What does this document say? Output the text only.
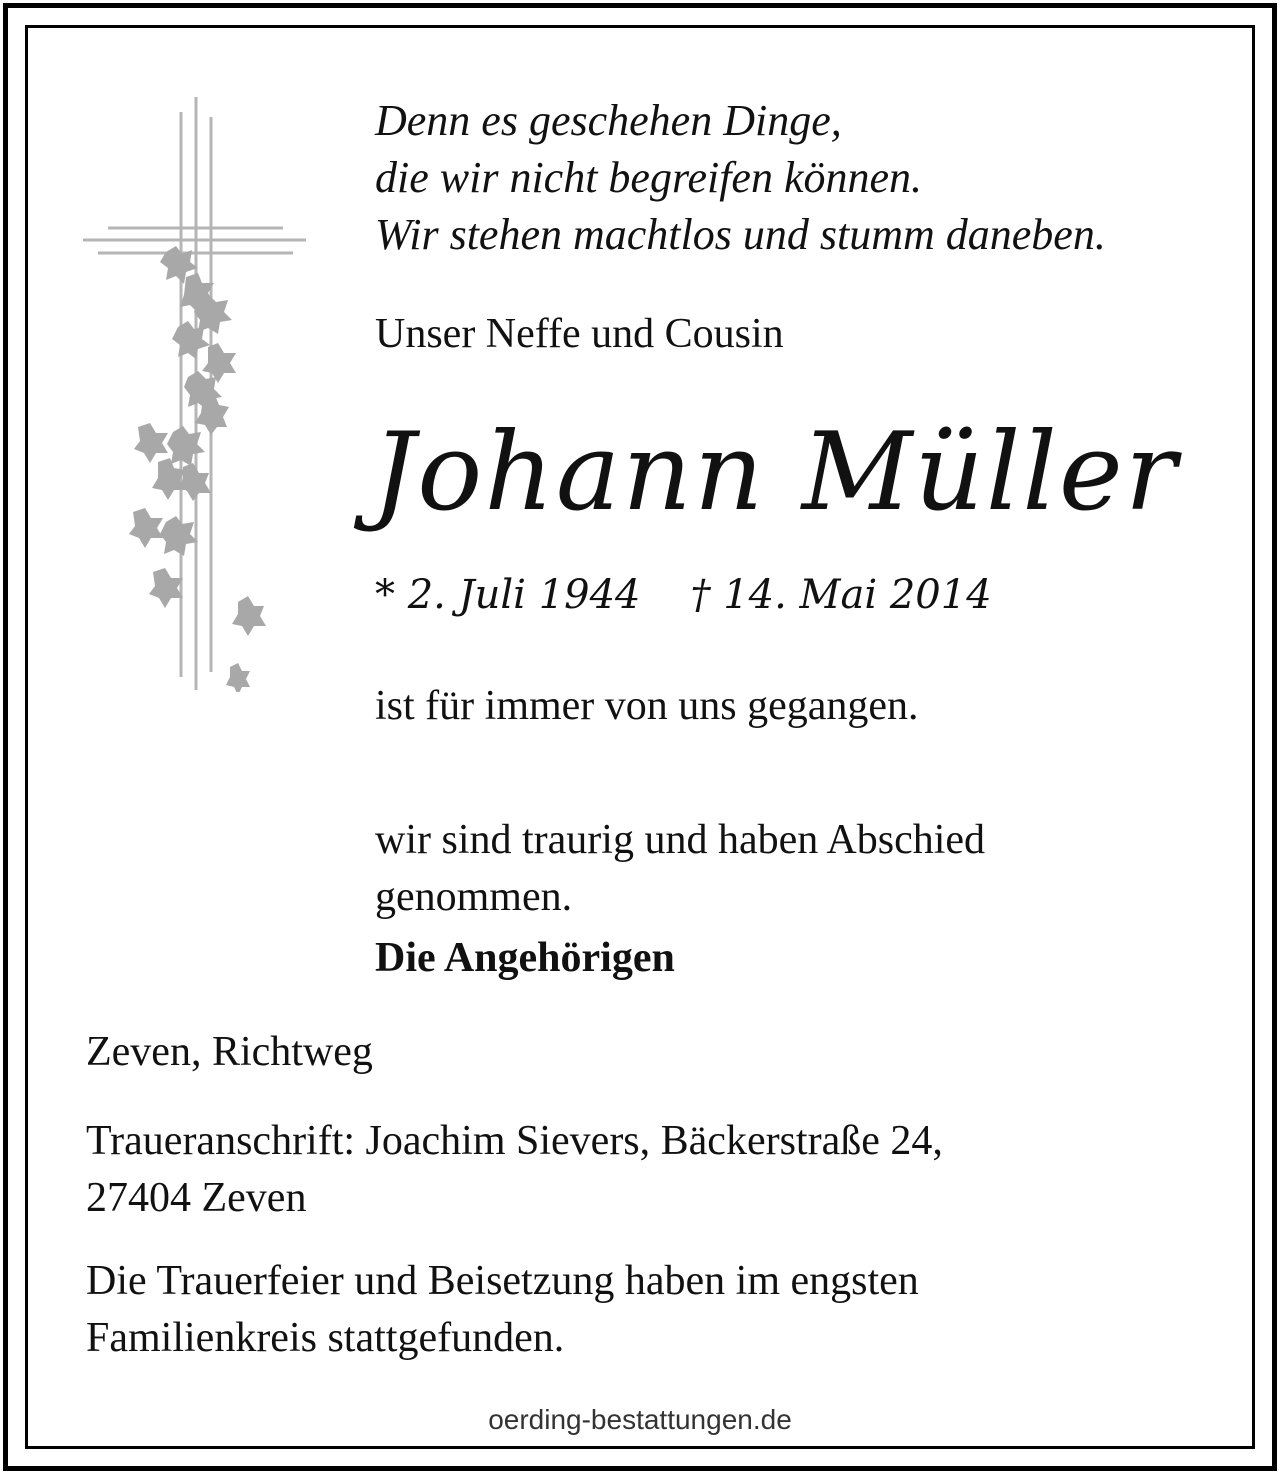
Denn es geschehen Dinge,
die wir nicht begreifen können.
Wir stehen machtlos und stumm daneben.
Unser Neffe und Cousin
Johann Müller
* 2. Juli 1944 † 14. Mai 2014
ist für immer von uns gegangen.
wir sind traurig und haben Abschied
genommen.
Die Angehörigen
Zeven, Richtweg
Traueranschrift: Joachim Sievers, Bäckerstraße 24,
27404 Zeven
Die Trauerfeier und Beisetzung haben im engsten
Familienkreis stattgefunden.
oerding-bestattungen.de
